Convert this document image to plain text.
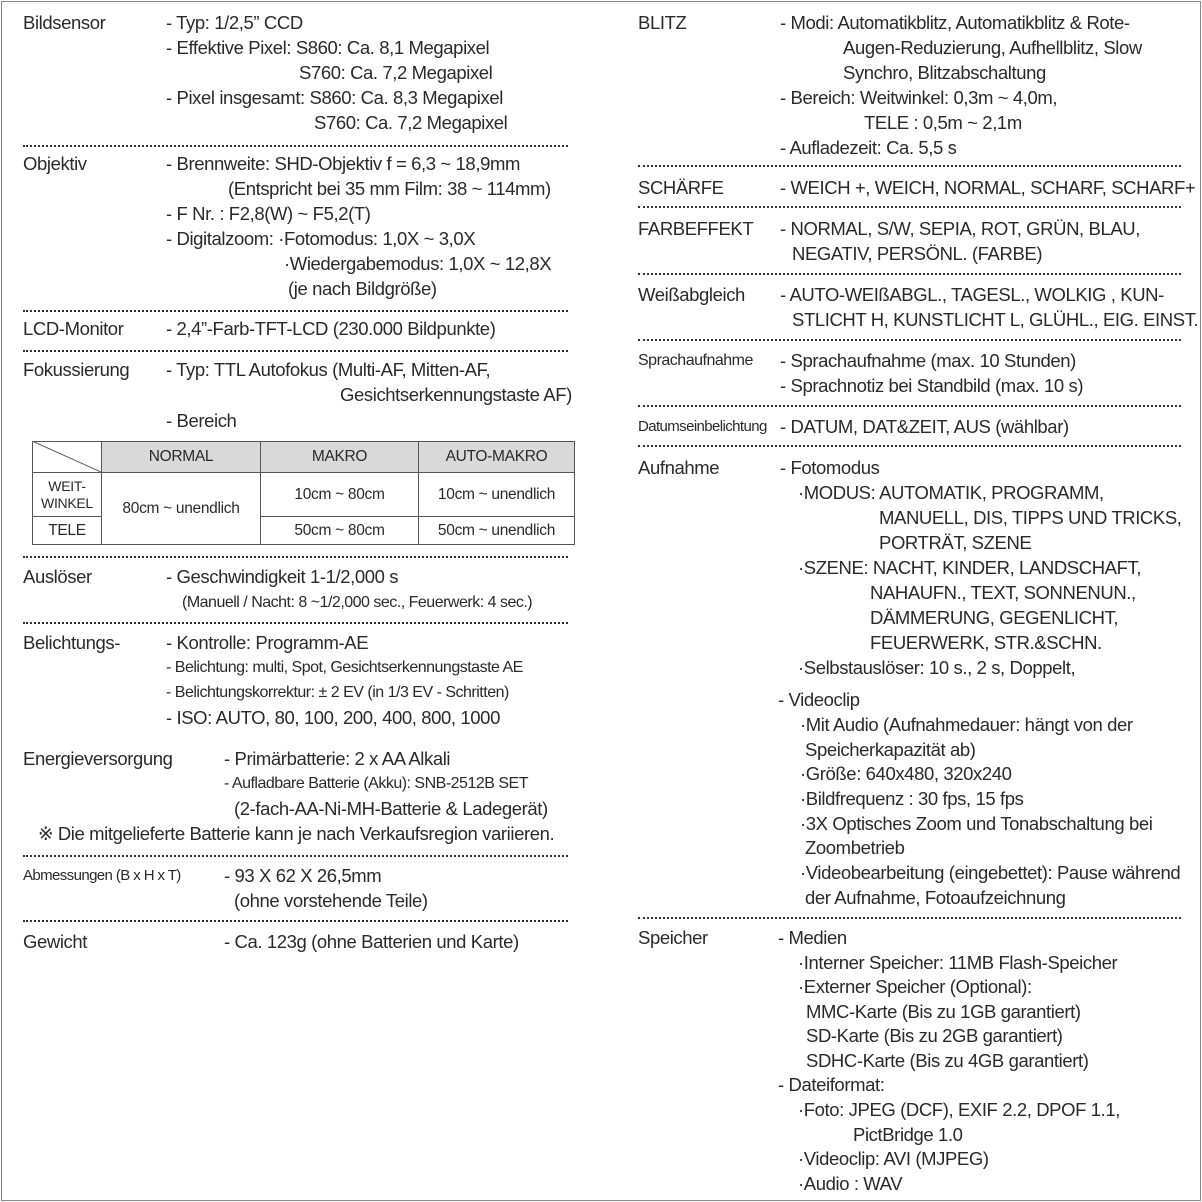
Bildsensor	- Typ: 1/2,5” CCD
- Effektive Pixel: S860: Ca. 8,1 Megapixel
S760: Ca. 7,2 Megapixel
- Pixel insgesamt: S860: Ca. 8,3 Megapixel
S760: Ca. 7,2 Megapixel
Objektiv	- Brennweite: SHD-Objektiv f = 6,3 ~ 18,9mm
(Entspricht bei 35 mm Film: 38 ~ 114mm)
- F Nr. : F2,8(W) ~ F5,2(T)
- Digitalzoom: ·Fotomodus: 1,0X ~ 3,0X
·Wiedergabemodus: 1,0X ~ 12,8X
(je nach Bildgröße)
LCD-Monitor - 2,4”-Farb-TFT-LCD (230.000 Bildpunkte)
Fokussierung - Typ: TTL Autofokus (Multi-AF, Mitten-AF,
Gesichtserkennungstaste AF)
- Bereich
	NORMAL	MAKRO	AUTO-MAKRO
WEIT-
WINKEL	80cm ~ unendlich	10cm ~ 80cm	10cm ~ unendlich
TELE		50cm ~ 80cm	50cm ~ unendlich
Auslöser	- Geschwindigkeit 1-1/2,000 s
(Manuell / Nacht: 8 ~1/2,000 sec., Feuerwerk: 4 sec.)
Belichtungs- - Kontrolle: Programm-AE
- Belichtung: multi, Spot, Gesichtserkennungstaste AE
- Belichtungskorrektur: ± 2 EV (in 1/3 EV - Schritten)
- ISO: AUTO, 80, 100, 200, 400, 800, 1000
Energieversorgung	- Primärbatterie: 2 x AA Alkali
- Aufladbare Batterie (Akku): SNB-2512B SET
(2-fach-AA-Ni-MH-Batterie & Ladegerät)
※ Die mitgelieferte Batterie kann je nach Verkaufsregion variieren.
Abmessungen (B x H x T) - 93 X 62 X 26,5mm
(ohne vorstehende Teile)
Gewicht	- Ca. 123g (ohne Batterien und Karte)
BLITZ	- Modi: Automatikblitz, Automatikblitz & Rote-
Augen-Reduzierung, Aufhellblitz, Slow
Synchro, Blitzabschaltung
- Bereich: Weitwinkel: 0,3m ~ 4,0m,
TELE : 0,5m ~ 2,1m
- Aufladezeit: Ca. 5,5 s
SCHÄRFE	- WEICH +, WEICH, NORMAL, SCHARF, SCHARF+
FARBEFFEKT - NORMAL, S/W, SEPIA, ROT, GRÜN, BLAU,
NEGATIV, PERSÖNL. (FARBE)
Weißabgleich - AUTO-WEIßABGL., TAGESL., WOLKIG , KUN-
STLICHT H, KUNSTLICHT L, GLÜHL., EIG. EINST.
Sprachaufnahme - Sprachaufnahme (max. 10 Stunden)
- Sprachnotiz bei Standbild (max. 10 s)
Datumseinbelichtung - DATUM, DAT&ZEIT, AUS (wählbar)
Aufnahme	- Fotomodus
·MODUS: AUTOMATIK, PROGRAMM,
MANUELL, DIS, TIPPS UND TRICKS,
PORTRÄT, SZENE
·SZENE: NACHT, KINDER, LANDSCHAFT,
NAHAUFN., TEXT, SONNENUN.,
DÄMMERUNG, GEGENLICHT,
FEUERWERK, STR.&SCHN.
·Selbstauslöser: 10 s., 2 s, Doppelt,
- Videoclip
·Mit Audio (Aufnahmedauer: hängt von der
Speicherkapazität ab)
·Größe: 640x480, 320x240
·Bildfrequenz : 30 fps, 15 fps
·3X Optisches Zoom und Tonabschaltung bei
Zoombetrieb
·Videobearbeitung (eingebettet): Pause während
der Aufnahme, Fotoaufzeichnung
Speicher	- Medien
·Interner Speicher: 11MB Flash-Speicher
·Externer Speicher (Optional):
MMC-Karte (Bis zu 1GB garantiert)
SD-Karte (Bis zu 2GB garantiert)
SDHC-Karte (Bis zu 4GB garantiert)
- Dateiformat:
·Foto: JPEG (DCF), EXIF 2.2, DPOF 1.1,
PictBridge 1.0
·Videoclip: AVI (MJPEG)
·Audio : WAV
